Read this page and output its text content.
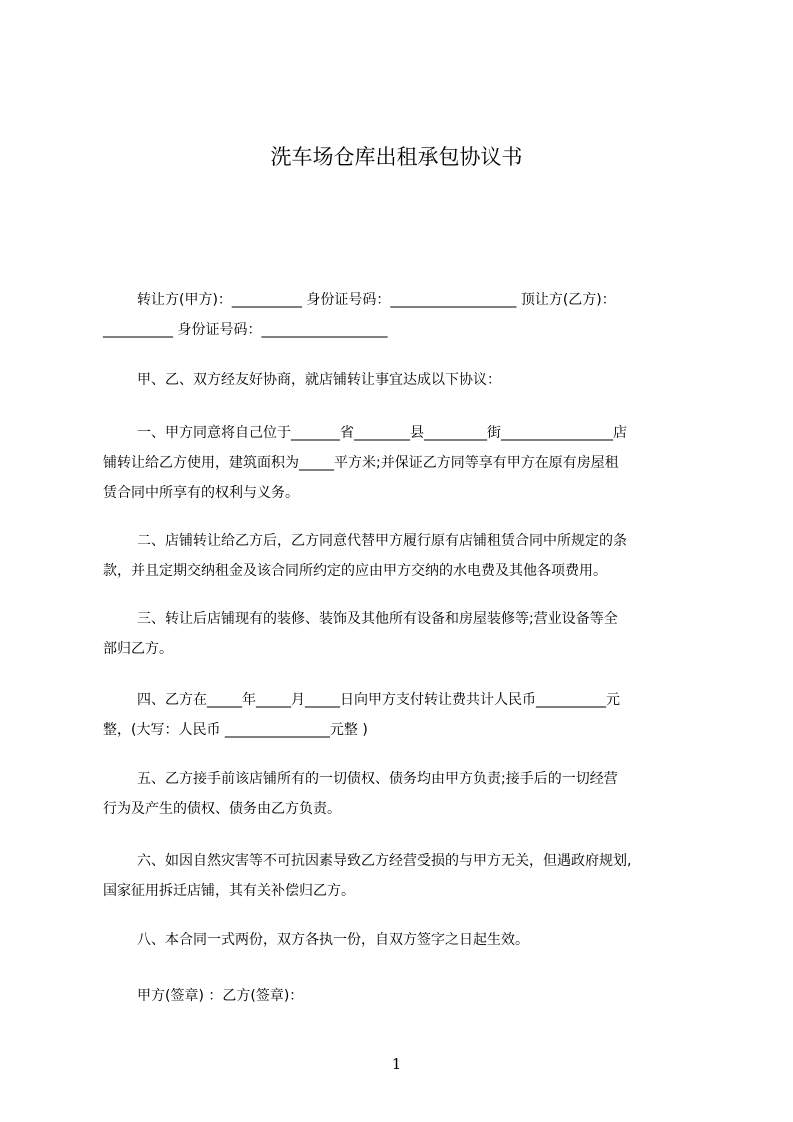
洗车场仓库出租承包协议书
转让方(甲方)：__________ 身份证号码：__________________ 顶让方(乙方)：
__________ 身份证号码：__________________
甲、乙、双方经友好协商，就店铺转让事宜达成以下协议：
一、甲方同意将自己位于_______省________县_________街________________店
铺转让给乙方使用，建筑面积为_____平方米;并保证乙方同等享有甲方在原有房屋租
赁合同中所享有的权利与义务。
二、店铺转让给乙方后，乙方同意代替甲方履行原有店铺租赁合同中所规定的条
款，并且定期交纳租金及该合同所约定的应由甲方交纳的水电费及其他各项费用。
三、转让后店铺现有的装修、装饰及其他所有设备和房屋装修等;营业设备等全
部归乙方。
四、乙方在_____年_____月_____日向甲方支付转让费共计人民币__________元
整，(大写：人民币 _______________元整 )
五、乙方接手前该店铺所有的一切债权、债务均由甲方负责;接手后的一切经营
行为及产生的债权、债务由乙方负责。
六、如因自然灾害等不可抗因素导致乙方经营受损的与甲方无关，但遇政府规划,
国家征用拆迁店铺，其有关补偿归乙方。
八、本合同一式两份，双方各执一份，自双方签字之日起生效。
甲方(签章) ：乙方(签章)：
1
